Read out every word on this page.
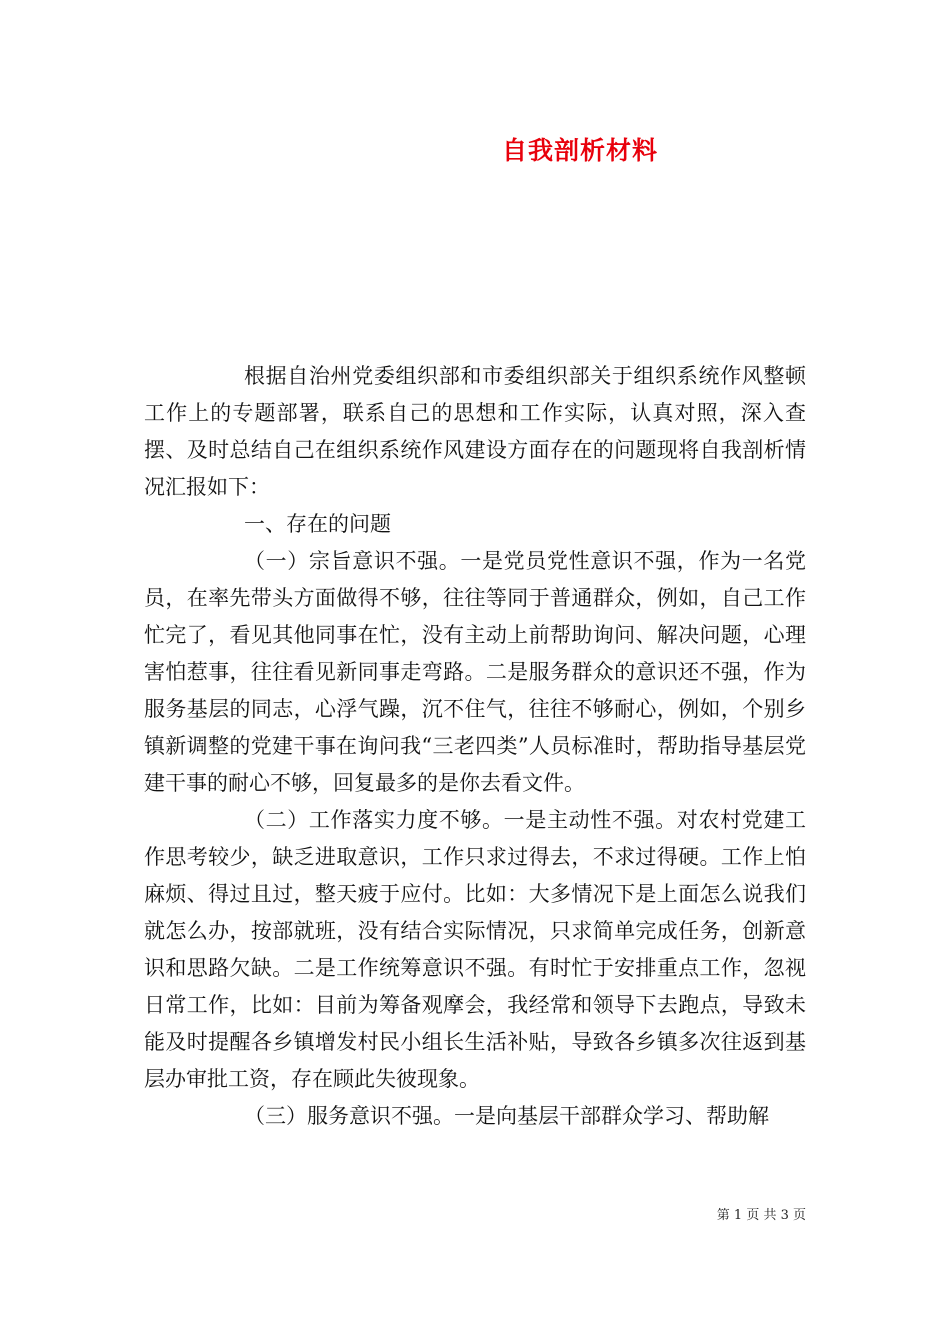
自我剖析材料

根据自治州党委组织部和市委组织部关于组织系统作风整顿工作上的专题部署，联系自己的思想和工作实际，认真对照，深入查摆、及时总结自己在组织系统作风建设方面存在的问题现将自我剖析情况汇报如下：

一、存在的问题

（一）宗旨意识不强。一是党员党性意识不强，作为一名党员，在率先带头方面做得不够，往往等同于普通群众，例如，自己工作忙完了，看见其他同事在忙，没有主动上前帮助询问、解决问题，心理害怕惹事，往往看见新同事走弯路。二是服务群众的意识还不强，作为服务基层的同志，心浮气躁，沉不住气，往往不够耐心，例如，个别乡镇新调整的党建干事在询问我“三老四类”人员标准时，帮助指导基层党建干事的耐心不够，回复最多的是你去看文件。

（二）工作落实力度不够。一是主动性不强。对农村党建工作思考较少，缺乏进取意识，工作只求过得去，不求过得硬。工作上怕麻烦、得过且过，整天疲于应付。比如：大多情况下是上面怎么说我们就怎么办，按部就班，没有结合实际情况，只求简单完成任务，创新意识和思路欠缺。二是工作统筹意识不强。有时忙于安排重点工作，忽视日常工作，比如：目前为筹备观摩会，我经常和领导下去跑点，导致未能及时提醒各乡镇增发村民小组长生活补贴，导致各乡镇多次往返到基层办审批工资，存在顾此失彼现象。

（三）服务意识不强。一是向基层干部群众学习、帮助解

第 1 页 共 3 页
